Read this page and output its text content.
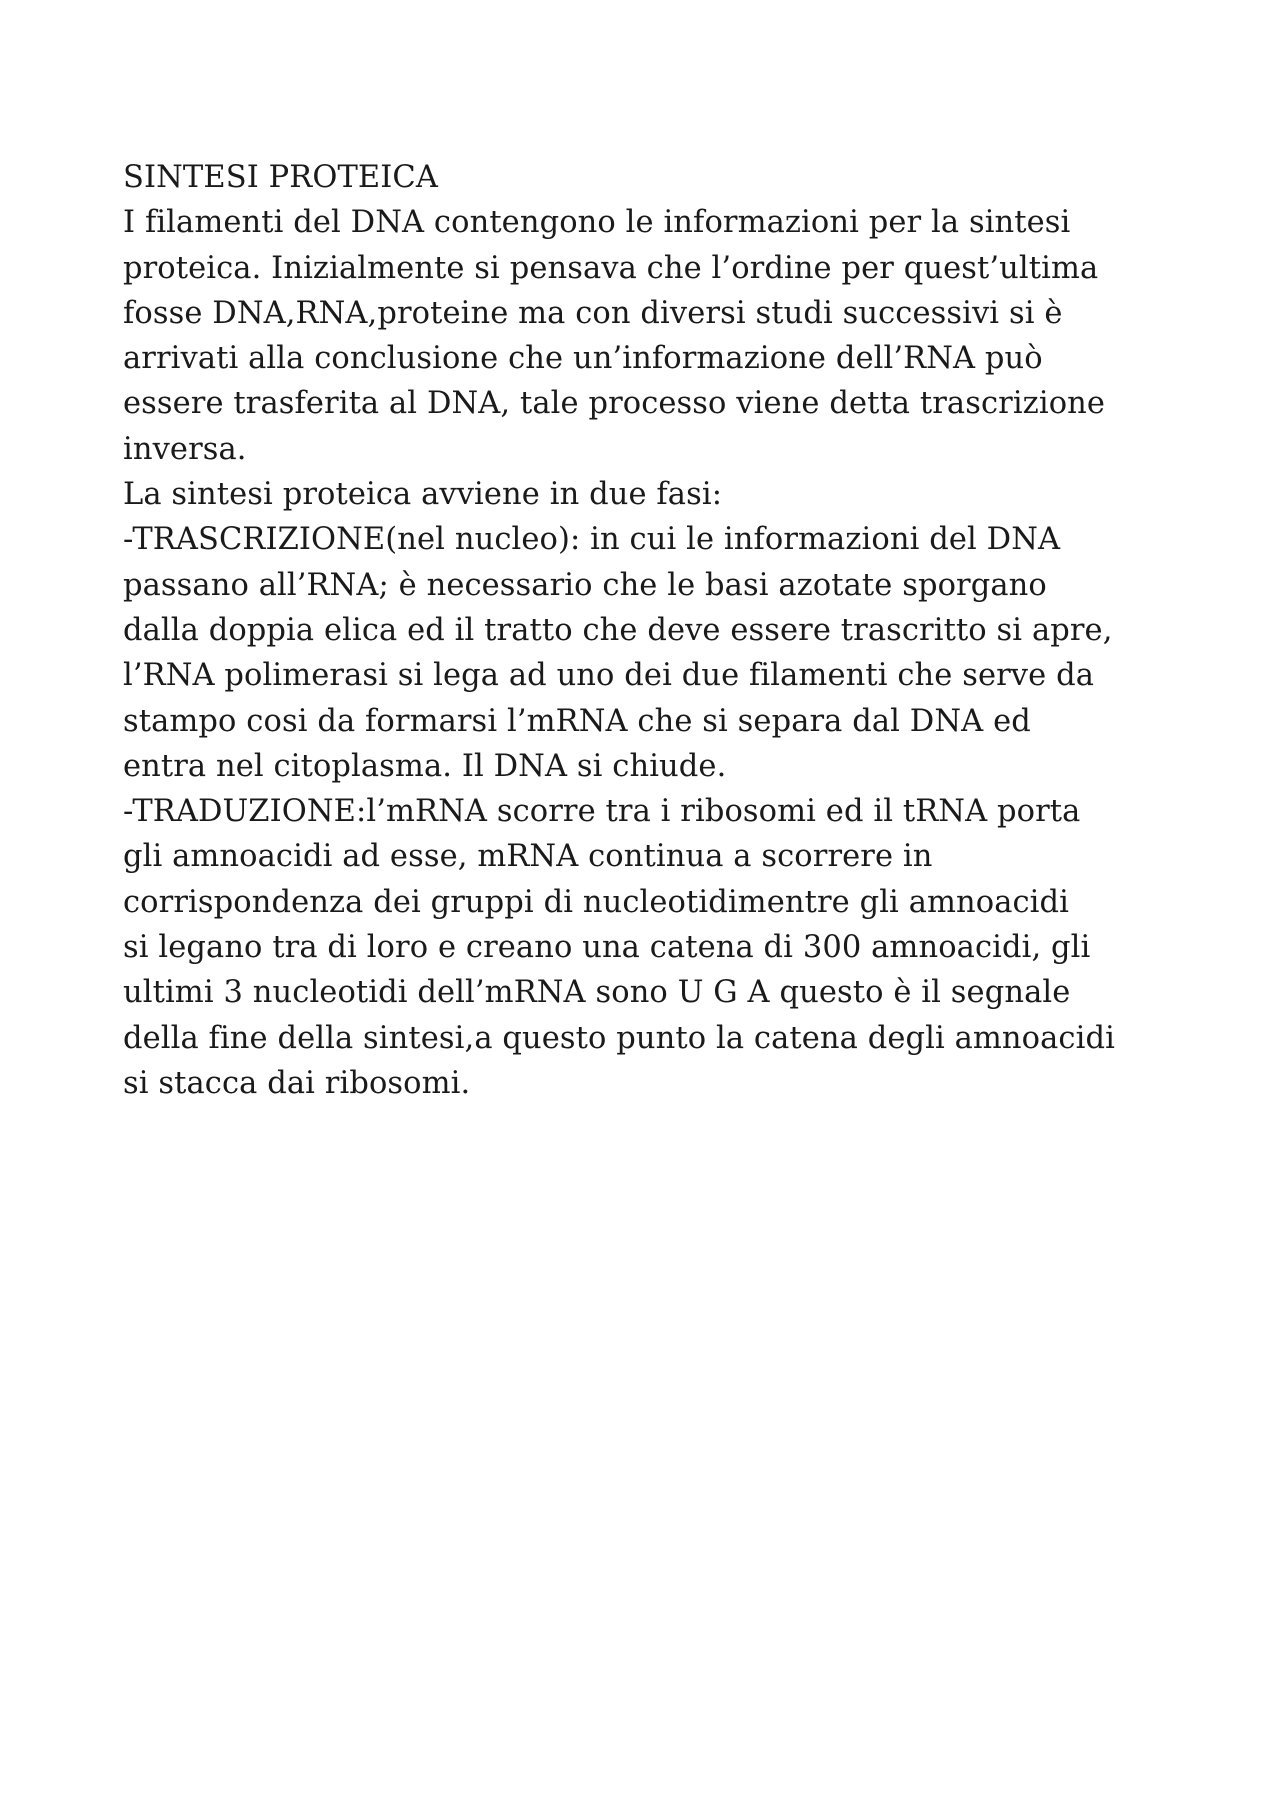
SINTESI PROTEICA
I filamenti del DNA contengono le informazioni per la sintesi
proteica. Inizialmente si pensava che l’ordine per quest’ultima
fosse DNA,RNA,proteine ma con diversi studi successivi si è
arrivati alla conclusione che un’informazione dell’RNA può
essere trasferita al DNA, tale processo viene detta trascrizione
inversa.
La sintesi proteica avviene in due fasi:
-TRASCRIZIONE(nel nucleo): in cui le informazioni del DNA
passano all’RNA; è necessario che le basi azotate sporgano
dalla doppia elica ed il tratto che deve essere trascritto si apre,
l’RNA polimerasi si lega ad uno dei due filamenti che serve da
stampo cosi da formarsi l’mRNA che si separa dal DNA ed
entra nel citoplasma. Il DNA si chiude.
-TRADUZIONE:l’mRNA scorre tra i ribosomi ed il tRNA porta
gli amnoacidi ad esse, mRNA continua a scorrere in
corrispondenza dei gruppi di nucleotidimentre gli amnoacidi
si legano tra di loro e creano una catena di 300 amnoacidi, gli
ultimi 3 nucleotidi dell’mRNA sono U G A questo è il segnale
della fine della sintesi,a questo punto la catena degli amnoacidi
si stacca dai ribosomi.
